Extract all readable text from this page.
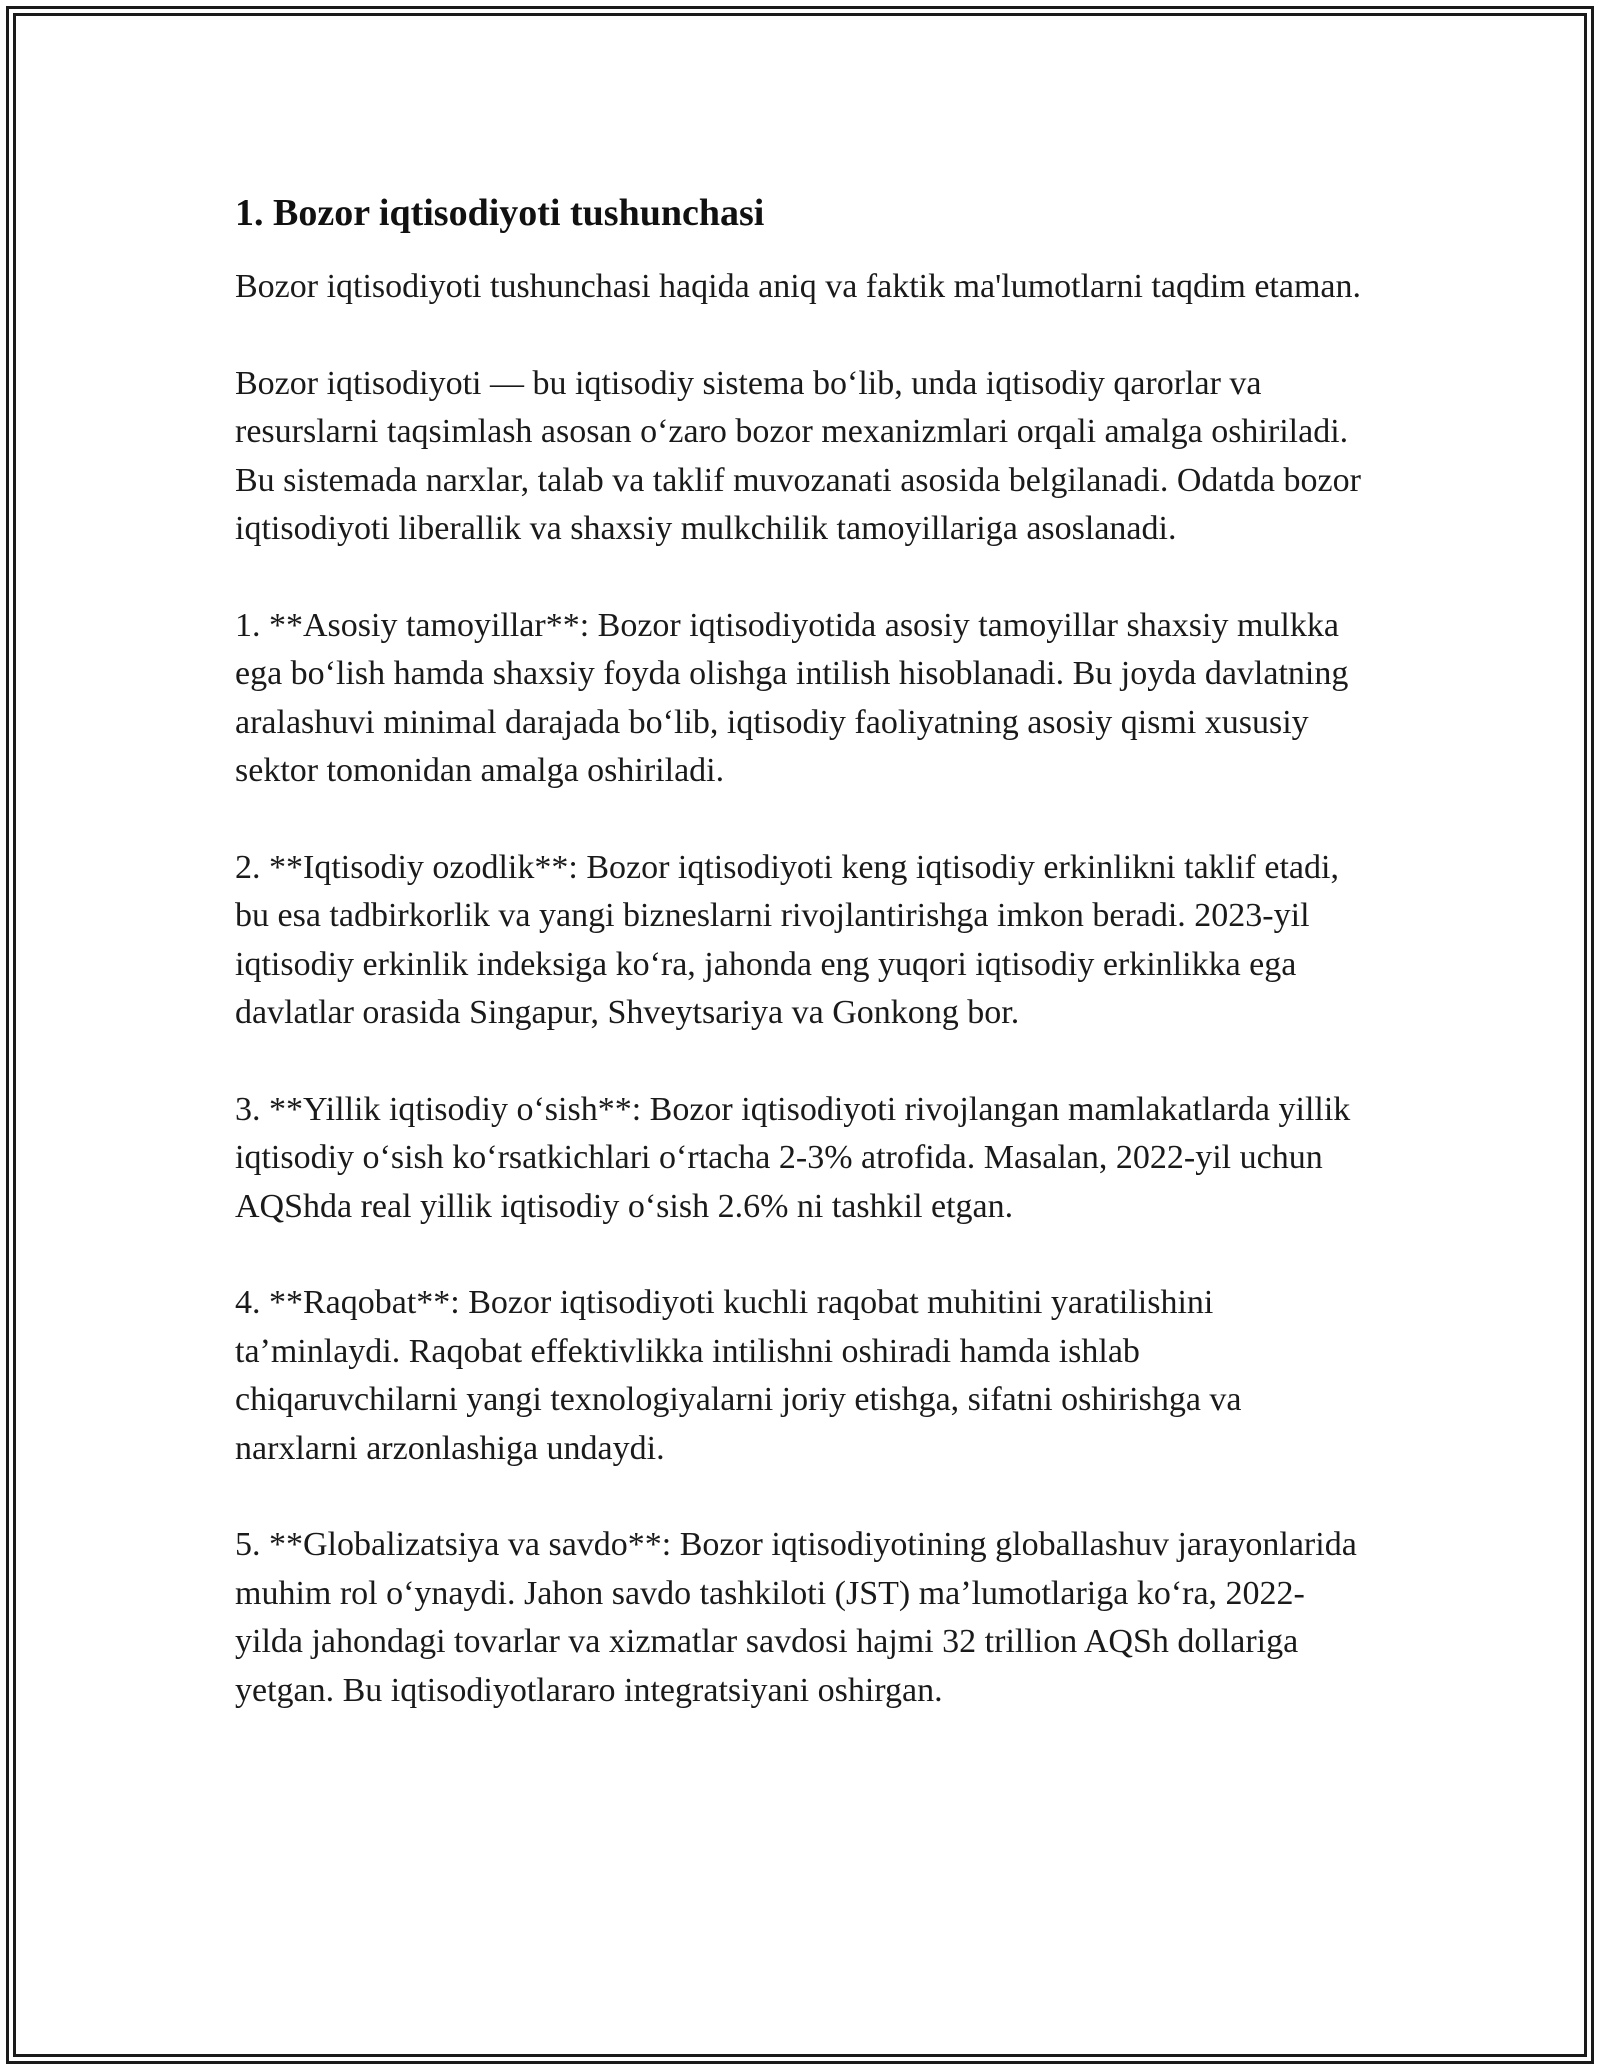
1. Bozor iqtisodiyoti tushunchasi

Bozor iqtisodiyoti tushunchasi haqida aniq va faktik ma'lumotlarni taqdim etaman.

Bozor iqtisodiyoti — bu iqtisodiy sistema boʻlib, unda iqtisodiy qarorlar va resurslarni taqsimlash asosan oʻzaro bozor mexanizmlari orqali amalga oshiriladi. Bu sistemada narxlar, talab va taklif muvozanati asosida belgilanadi. Odatda bozor iqtisodiyoti liberallik va shaxsiy mulkchilik tamoyillariga asoslanadi.

1. **Asosiy tamoyillar**: Bozor iqtisodiyotida asosiy tamoyillar shaxsiy mulkka ega boʻlish hamda shaxsiy foyda olishga intilish hisoblanadi. Bu joyda davlatning aralashuvi minimal darajada boʻlib, iqtisodiy faoliyatning asosiy qismi xususiy sektor tomonidan amalga oshiriladi.

2. **Iqtisodiy ozodlik**: Bozor iqtisodiyoti keng iqtisodiy erkinlikni taklif etadi, bu esa tadbirkorlik va yangi bizneslarni rivojlantirishga imkon beradi. 2023-yil iqtisodiy erkinlik indeksiga koʻra, jahonda eng yuqori iqtisodiy erkinlikka ega davlatlar orasida Singapur, Shveytsariya va Gonkong bor.

3. **Yillik iqtisodiy oʻsish**: Bozor iqtisodiyoti rivojlangan mamlakatlarda yillik iqtisodiy oʻsish koʻrsatkichlari oʻrtacha 2-3% atrofida. Masalan, 2022-yil uchun AQShda real yillik iqtisodiy oʻsish 2.6% ni tashkil etgan.

4. **Raqobat**: Bozor iqtisodiyoti kuchli raqobat muhitini yaratilishini taʼminlaydi. Raqobat effektivlikka intilishni oshiradi hamda ishlab chiqaruvchilarni yangi texnologiyalarni joriy etishga, sifatni oshirishga va narxlarni arzonlashiga undaydi.

5. **Globalizatsiya va savdo**: Bozor iqtisodiyotining globallashuv jarayonlarida muhim rol oʻynaydi. Jahon savdo tashkiloti (JST) maʼlumotlariga koʻra, 2022-yilda jahondagi tovarlar va xizmatlar savdosi hajmi 32 trillion AQSh dollariga yetgan. Bu iqtisodiyotlararo integratsiyani oshirgan.
